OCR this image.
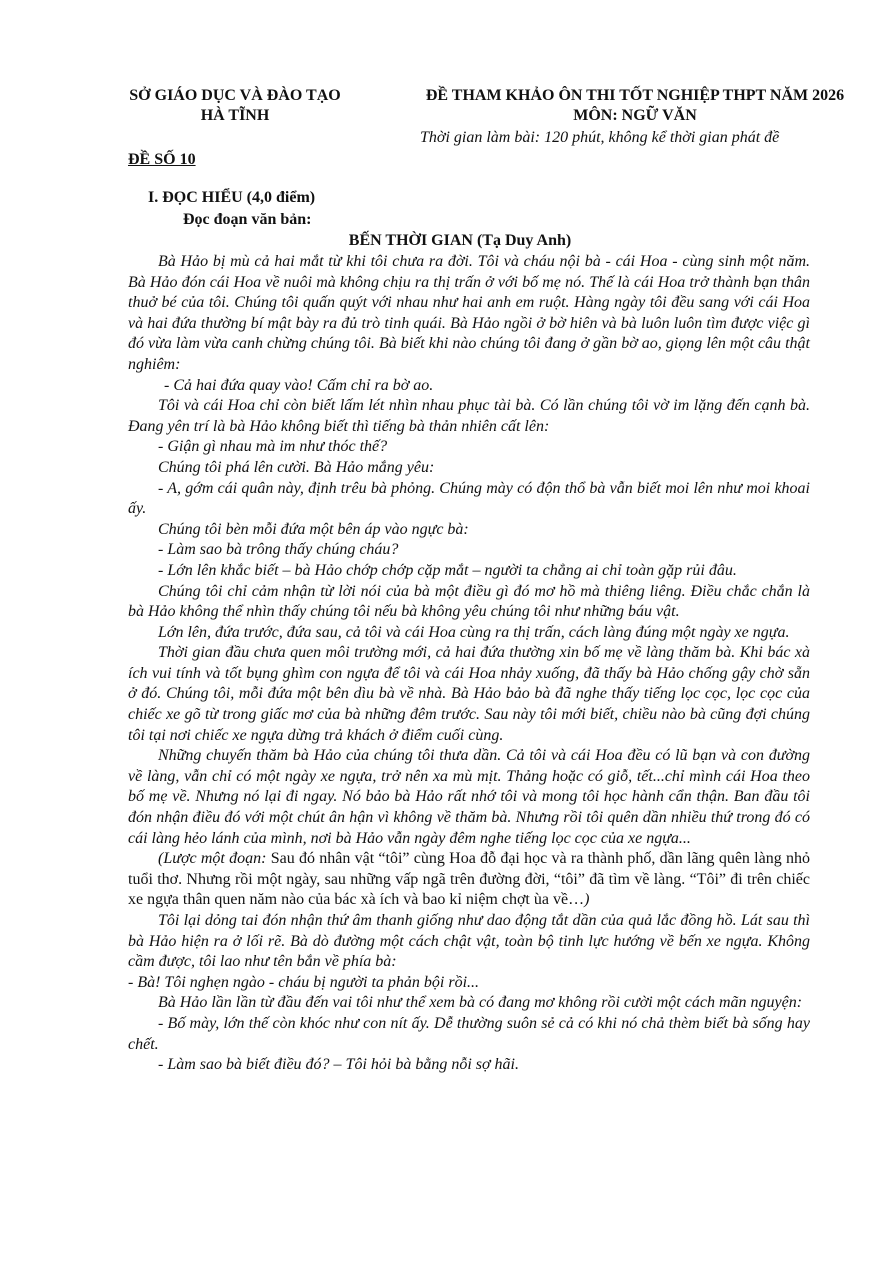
SỞ GIÁO DỤC VÀ ĐÀO TẠO
HÀ TĨNH
ĐỀ THAM KHẢO ÔN THI TỐT NGHIỆP THPT NĂM 2026
MÔN: NGỮ VĂN
Thời gian làm bài: 120 phút, không kể thời gian phát đề
ĐỀ SỐ 10
I. ĐỌC HIỂU (4,0 điểm)
Đọc đoạn văn bản:
BẾN THỜI GIAN (Tạ Duy Anh)

Bà Hảo bị mù cả hai mắt từ khi tôi chưa ra đời. Tôi và cháu nội bà - cái Hoa - cùng sinh một năm. Bà Hảo đón cái Hoa về nuôi mà không chịu ra thị trấn ở với bố mẹ nó. Thế là cái Hoa trở thành bạn thân thuở bé của tôi. Chúng tôi quấn quýt với nhau như hai anh em ruột. Hàng ngày tôi đều sang với cái Hoa và hai đứa thường bí mật bày ra đủ trò tinh quái. Bà Hảo ngồi ở bờ hiên và bà luôn luôn tìm được việc gì đó vừa làm vừa canh chừng chúng tôi. Bà biết khi nào chúng tôi đang ở gần bờ ao, giọng lên một câu thật nghiêm:

- Cả hai đứa quay vào! Cấm chỉ ra bờ ao.

Tôi và cái Hoa chỉ còn biết lấm lét nhìn nhau phục tài bà. Có lần chúng tôi vờ im lặng đến cạnh bà. Đang yên trí là bà Hảo không biết thì tiếng bà thản nhiên cất lên:

- Giận gì nhau mà im như thóc thế?

Chúng tôi phá lên cười. Bà Hảo mắng yêu:

- A, gớm cái quân này, định trêu bà phỏng. Chúng mày có độn thổ bà vẫn biết moi lên như moi khoai ấy.

Chúng tôi bèn mỗi đứa một bên áp vào ngực bà:

- Làm sao bà trông thấy chúng cháu?

- Lớn lên khắc biết – bà Hảo chớp chớp cặp mắt – người ta chẳng ai chỉ toàn gặp rủi đâu.

Chúng tôi chỉ cảm nhận từ lời nói của bà một điều gì đó mơ hồ mà thiêng liêng. Điều chắc chắn là bà Hảo không thể nhìn thấy chúng tôi nếu bà không yêu chúng tôi như những báu vật.

Lớn lên, đứa trước, đứa sau, cả tôi và cái Hoa cùng ra thị trấn, cách làng đúng một ngày xe ngựa.

Thời gian đầu chưa quen môi trường mới, cả hai đứa thường xin bố mẹ về làng thăm bà. Khi bác xà ích vui tính và tốt bụng ghìm con ngựa để tôi và cái Hoa nhảy xuống, đã thấy bà Hảo chống gậy chờ sẵn ở đó. Chúng tôi, mỗi đứa một bên dìu bà về nhà. Bà Hảo bảo bà đã nghe thấy tiếng lọc cọc, lọc cọc của chiếc xe gõ từ trong giấc mơ của bà những đêm trước. Sau này tôi mới biết, chiều nào bà cũng đợi chúng tôi tại nơi chiếc xe ngựa dừng trả khách ở điểm cuối cùng.

Những chuyến thăm bà Hảo của chúng tôi thưa dần. Cả tôi và cái Hoa đều có lũ bạn và con đường về làng, vẫn chỉ có một ngày xe ngựa, trở nên xa mù mịt. Thảng hoặc có giỗ, tết...chỉ mình cái Hoa theo bố mẹ về. Nhưng nó lại đi ngay. Nó bảo bà Hảo rất nhớ tôi và mong tôi học hành cẩn thận. Ban đầu tôi đón nhận điều đó với một chút ân hận vì không về thăm bà. Nhưng rồi tôi quên dần nhiều thứ trong đó có cái làng hẻo lánh của mình, nơi bà Hảo vẫn ngày đêm nghe tiếng lọc cọc của xe ngựa...

(Lược một đoạn: Sau đó nhân vật “tôi” cùng Hoa đỗ đại học và ra thành phố, dần lãng quên làng nhỏ tuổi thơ. Nhưng rồi một ngày, sau những vấp ngã trên đường đời, “tôi” đã tìm về làng. “Tôi” đi trên chiếc xe ngựa thân quen năm nào của bác xà ích và bao kỉ niệm chợt ùa về…)

Tôi lại dỏng tai đón nhận thứ âm thanh giống như dao động tắt dần của quả lắc đồng hồ. Lát sau thì bà Hảo hiện ra ở lối rẽ. Bà dò đường một cách chật vật, toàn bộ tinh lực hướng về bến xe ngựa. Không cầm được, tôi lao như tên bắn về phía bà:

- Bà! Tôi nghẹn ngào - cháu bị người ta phản bội rồi...

Bà Hảo lần lần từ đầu đến vai tôi như thể xem bà có đang mơ không rồi cười một cách mãn nguyện:

- Bố mày, lớn thế còn khóc như con nít ấy. Dễ thường suôn sẻ cả có khi nó chả thèm biết bà sống hay chết.

- Làm sao bà biết điều đó? – Tôi hỏi bà bằng nỗi sợ hãi.
